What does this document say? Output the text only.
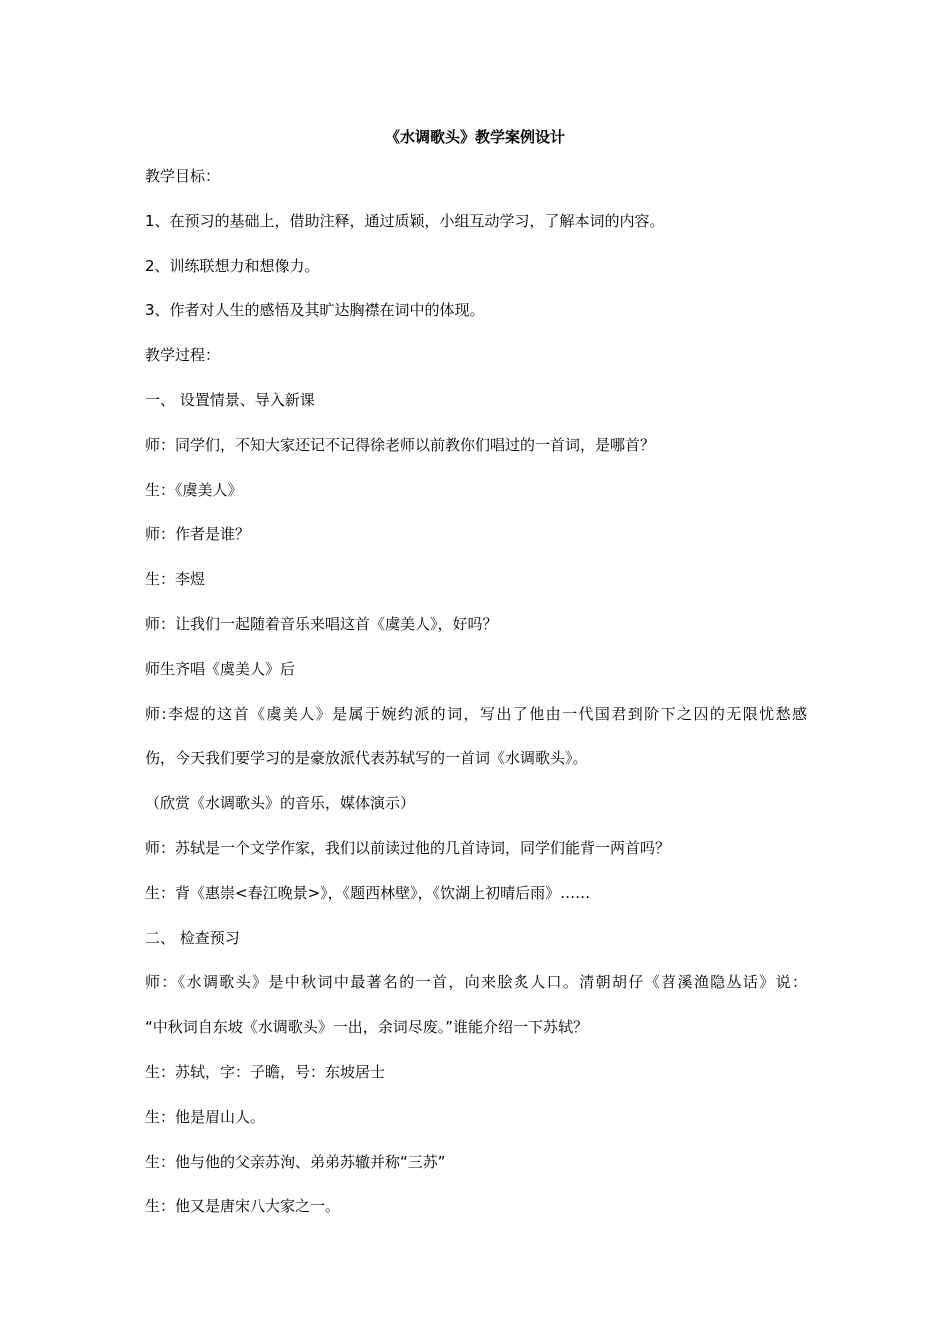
《水调歌头》教学案例设计
教学目标：
1、在预习的基础上，借助注释，通过质颖，小组互动学习，了解本词的内容。
2、训练联想力和想像力。
3、作者对人生的感悟及其旷达胸襟在词中的体现。
教学过程：
一、 设置情景、导入新课
师：同学们，不知大家还记不记得徐老师以前教你们唱过的一首词，是哪首？
生：《虞美人》
师：作者是谁？
生：李煜
师：让我们一起随着音乐来唱这首《虞美人》，好吗？
师生齐唱《虞美人》后
师:李煜的这首《虞美人》是属于婉约派的词，写出了他由一代国君到阶下之囚的无限忧愁感
伤，今天我们要学习的是豪放派代表苏轼写的一首词《水调歌头》。
（欣赏《水调歌头》的音乐，媒体演示）
师：苏轼是一个文学作家，我们以前读过他的几首诗词，同学们能背一两首吗？
生：背《惠崇<春江晚景>》，《题西林壁》，《饮湖上初晴后雨》……
二、 检查预习
师：《水调歌头》是中秋词中最著名的一首，向来脍炙人口。清朝胡仔《苕溪渔隐丛话》说：
“中秋词自东坡《水调歌头》一出，余词尽废。”谁能介绍一下苏轼？
生：苏轼，字：子瞻，号：东坡居士
生：他是眉山人。
生：他与他的父亲苏洵、弟弟苏辙并称“三苏”
生：他又是唐宋八大家之一。
